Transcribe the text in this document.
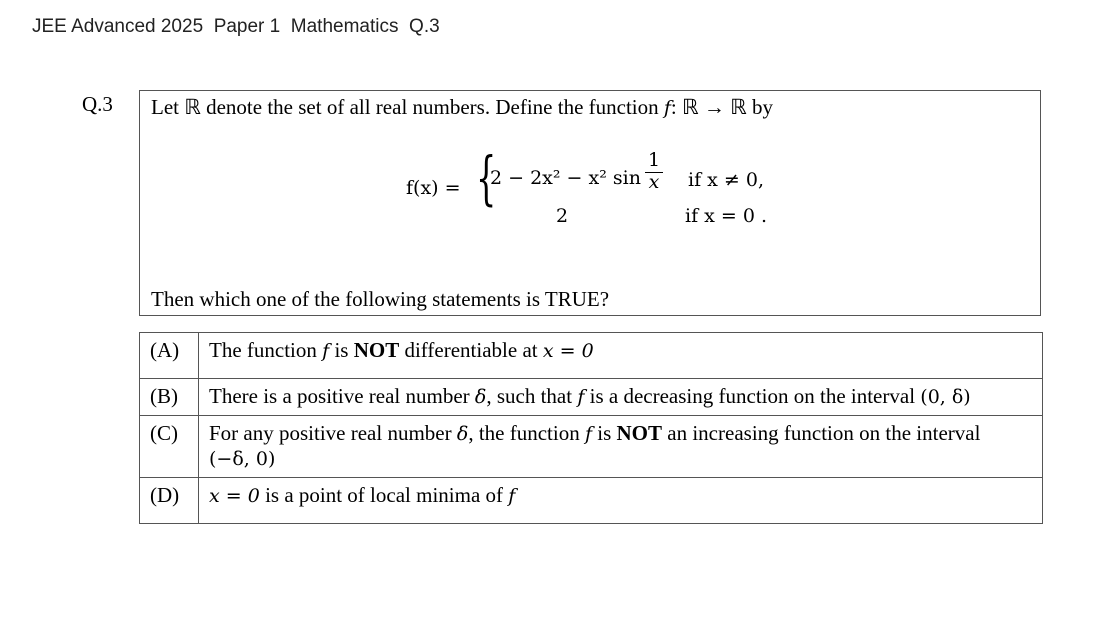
JEE Advanced 2025  Paper 1  Mathematics  Q.3
Q.3 Let ℝ denote the set of all real numbers. Define the function f: ℝ → ℝ by
f(x) = {
2 − 2x² − x² $\sin \frac{1}{x}$ if x ≠ 0,
2	if x = 0 .
Then which one of the following statements is TRUE?
(A)	The function f is NOT differentiable at x = 0
(B)	There is a positive real number δ, such that f is a decreasing function on the interval (0, δ)
(C)	For any positive real number δ, the function f is NOT an increasing function on the interval
(−δ, 0)
(D)	x = 0 is a point of local minima of f
